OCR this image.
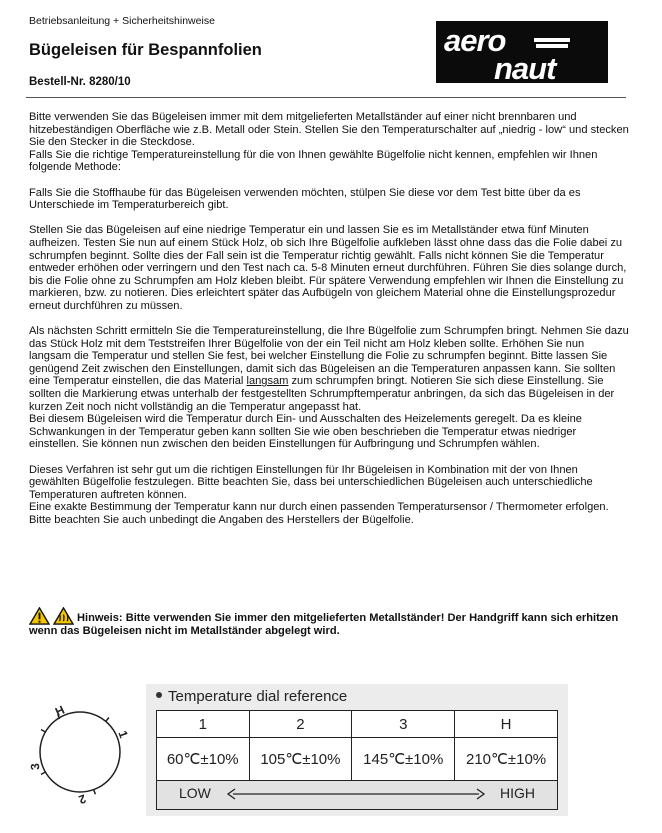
Betriebsanleitung + Sicherheitshinweise
Bügeleisen für Bespannfolien
Bestell-Nr. 8280/10
aero
naut

Bitte verwenden Sie das Bügeleisen immer mit dem mitgelieferten Metallständer auf einer nicht brennbaren und hitzebeständigen Oberfläche wie z.B. Metall oder Stein. Stellen Sie den Temperaturschalter auf „niedrig - low“ und stecken Sie den Stecker in die Steckdose.

Falls Sie die richtige Temperatureinstellung für die von Ihnen gewählte Bügelfolie nicht kennen, empfehlen wir Ihnen folgende Methode:

Falls Sie die Stoffhaube für das Bügeleisen verwenden möchten, stülpen Sie diese vor dem Test bitte über da es Unterschiede im Temperaturbereich gibt.

Stellen Sie das Bügeleisen auf eine niedrige Temperatur ein und lassen Sie es im Metallständer etwa fünf Minuten aufheizen. Testen Sie nun auf einem Stück Holz, ob sich Ihre Bügelfolie aufkleben lässt ohne dass das die Folie dabei zu schrumpfen beginnt. Sollte dies der Fall sein ist die Temperatur richtig gewählt. Falls nicht können Sie die Temperatur entweder erhöhen oder verringern und den Test nach ca. 5-8 Minuten erneut durchführen. Führen Sie dies solange durch, bis die Folie ohne zu Schrumpfen am Holz kleben bleibt. Für spätere Verwendung empfehlen wir Ihnen die Einstellung zu markieren, bzw. zu notieren. Dies erleichtert später das Aufbügeln von gleichem Material ohne die Einstellungsprozedur erneut durchführen zu müssen.

Als nächsten Schritt ermitteln Sie die Temperatureinstellung, die Ihre Bügelfolie zum Schrumpfen bringt. Nehmen Sie dazu das Stück Holz mit dem Teststreifen Ihrer Bügelfolie von der ein Teil nicht am Holz kleben sollte. Erhöhen Sie nun langsam die Temperatur und stellen Sie fest, bei welcher Einstellung die Folie zu schrumpfen beginnt. Bitte lassen Sie genügend Zeit zwischen den Einstellungen, damit sich das Bügeleisen an die Temperaturen anpassen kann. Sie sollten eine Temperatur einstellen, die das Material langsam zum schrumpfen bringt. Notieren Sie sich diese Einstellung. Sie sollten die Markierung etwas unterhalb der festgestellten Schrumpftemperatur anbringen, da sich das Bügeleisen in der kurzen Zeit noch nicht vollständig an die Temperatur angepasst hat.

Bei diesem Bügeleisen wird die Temperatur durch Ein- und Ausschalten des Heizelements geregelt. Da es kleine Schwankungen in der Temperatur geben kann sollten Sie wie oben beschrieben die Temperatur etwas niedriger einstellen. Sie können nun zwischen den beiden Einstellungen für Aufbringung und Schrumpfen wählen.

Dieses Verfahren ist sehr gut um die richtigen Einstellungen für Ihr Bügeleisen in Kombination mit der von Ihnen gewählten Bügelfolie festzulegen. Bitte beachten Sie, dass bei unterschiedlichen Bügeleisen auch unterschiedliche Temperaturen auftreten können.

Eine exakte Bestimmung der Temperatur kann nur durch einen passenden Temperatursensor / Thermometer erfolgen. Bitte beachten Sie auch unbedingt die Angaben des Herstellers der Bügelfolie.

Hinweis: Bitte verwenden Sie immer den mitgelieferten Metallständer! Der Handgriff kann sich erhitzen wenn das Bügeleisen nicht im Metallständer abgelegt wird.
H
1
2
3
Temperature dial reference
1	2	3	H
60℃±10%	105℃±10%	145℃±10%	210℃±10%

LOW HIGH			
